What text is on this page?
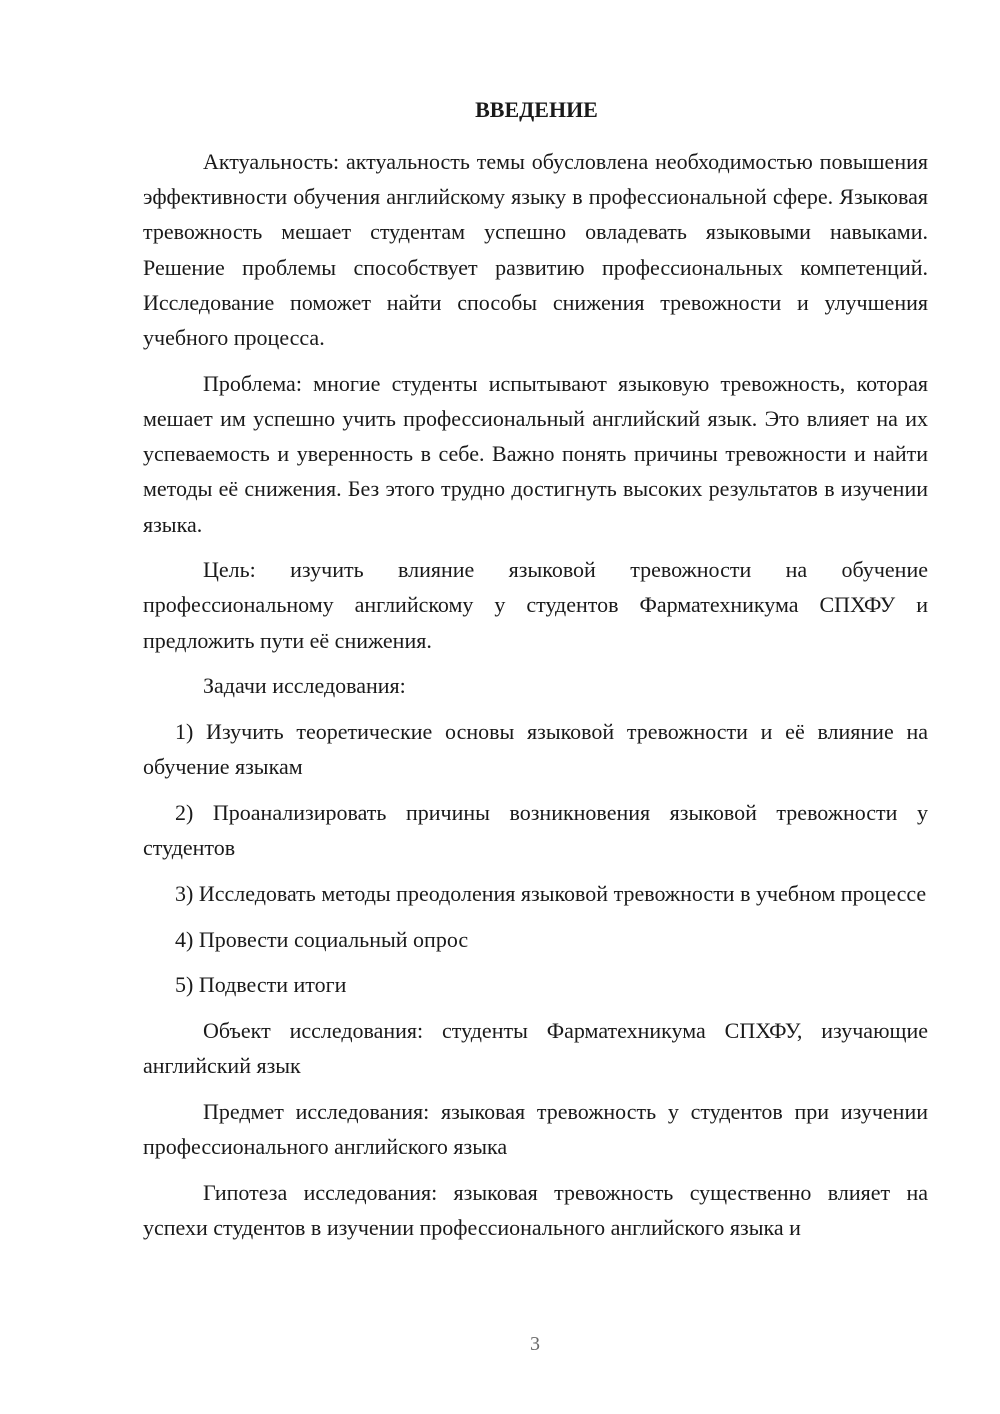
ВВЕДЕНИЕ

Актуальность: актуальность темы обусловлена необходимостью повышения эффективности обучения английскому языку в профессиональной сфере. Языковая тревожность мешает студентам успешно овладевать языковыми навыками. Решение проблемы способствует развитию профессиональных компетенций. Исследование поможет найти способы снижения тревожности и улучшения учебного процесса.

Проблема: многие студенты испытывают языковую тревожность, которая мешает им успешно учить профессиональный английский язык. Это влияет на их успеваемость и уверенность в себе. Важно понять причины тревожности и найти методы её снижения. Без этого трудно достигнуть высоких результатов в изучении языка.

Цель: изучить влияние языковой тревожности на обучение профессиональному английскому у студентов Фарматехникума СПХФУ и предложить пути её снижения.

Задачи исследования:

1) Изучить теоретические основы языковой тревожности и её влияние на обучение языкам

2) Проанализировать причины возникновения языковой тревожности у студентов

3) Исследовать методы преодоления языковой тревожности в учебном процессе

4) Провести социальный опрос

5) Подвести итоги

Объект исследования: студенты Фарматехникума СПХФУ, изучающие английский язык

Предмет исследования: языковая тревожность у студентов при изучении профессионального английского языка

Гипотеза исследования: языковая тревожность существенно влияет на успехи студентов в изучении профессионального английского языка и

3
